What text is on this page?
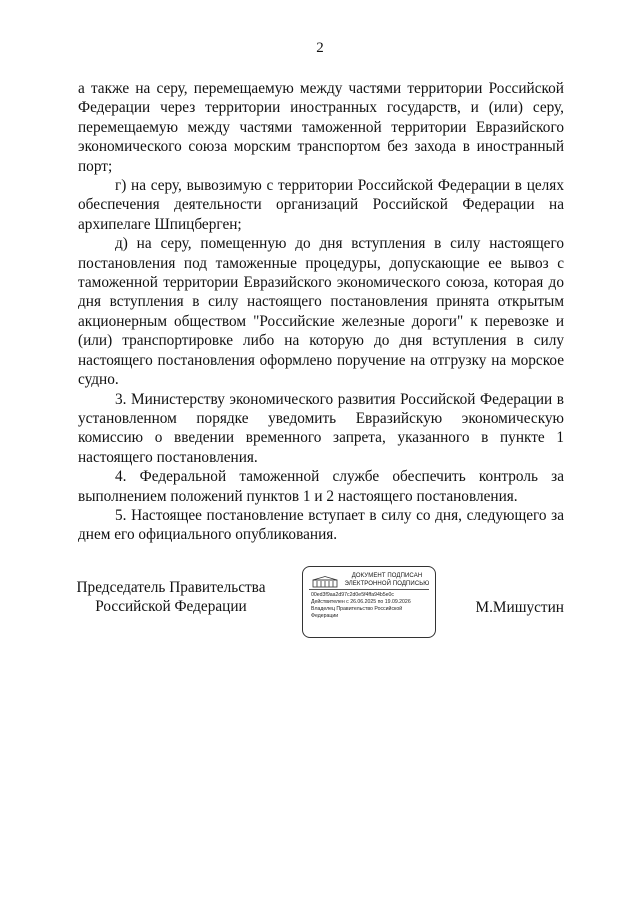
2

а также на серу, перемещаемую между частями территории Российской Федерации через территории иностранных государств, и (или) серу, перемещаемую между частями таможенной территории Евразийского экономического союза морским транспортом без захода в иностранный порт;

г) на серу, вывозимую с территории Российской Федерации в целях обеспечения деятельности организаций Российской Федерации на архипелаге Шпицберген;

д) на серу, помещенную до дня вступления в силу настоящего постановления под таможенные процедуры, допускающие ее вывоз с таможенной территории Евразийского экономического союза, которая до дня вступления в силу настоящего постановления принята открытым акционерным обществом "Российские железные дороги" к перевозке и (или) транспортировке либо на которую до дня вступления в силу настоящего постановления оформлено поручение на отгрузку на морское судно.

3. Министерству экономического развития Российской Федерации в установленном порядке уведомить Евразийскую экономическую комиссию о введении временного запрета, указанного в пункте 1 настоящего постановления.

4. Федеральной таможенной службе обеспечить контроль за выполнением положений пунктов 1 и 2 настоящего постановления.

5. Настоящее постановление вступает в силу со дня, следующего за днем его официального опубликования.

Председатель Правительства
Российской Федерации
ДОКУМЕНТ ПОДПИСАН
ЭЛЕКТРОННОЙ ПОДПИСЬЮ
00ed3f9aa2d97c2d0e5f4ffa94b5e0c
Действителен с 26.06.2025 по 19.09.2026
Владелец Правительство Российской
Федерации	М.Мишустин
